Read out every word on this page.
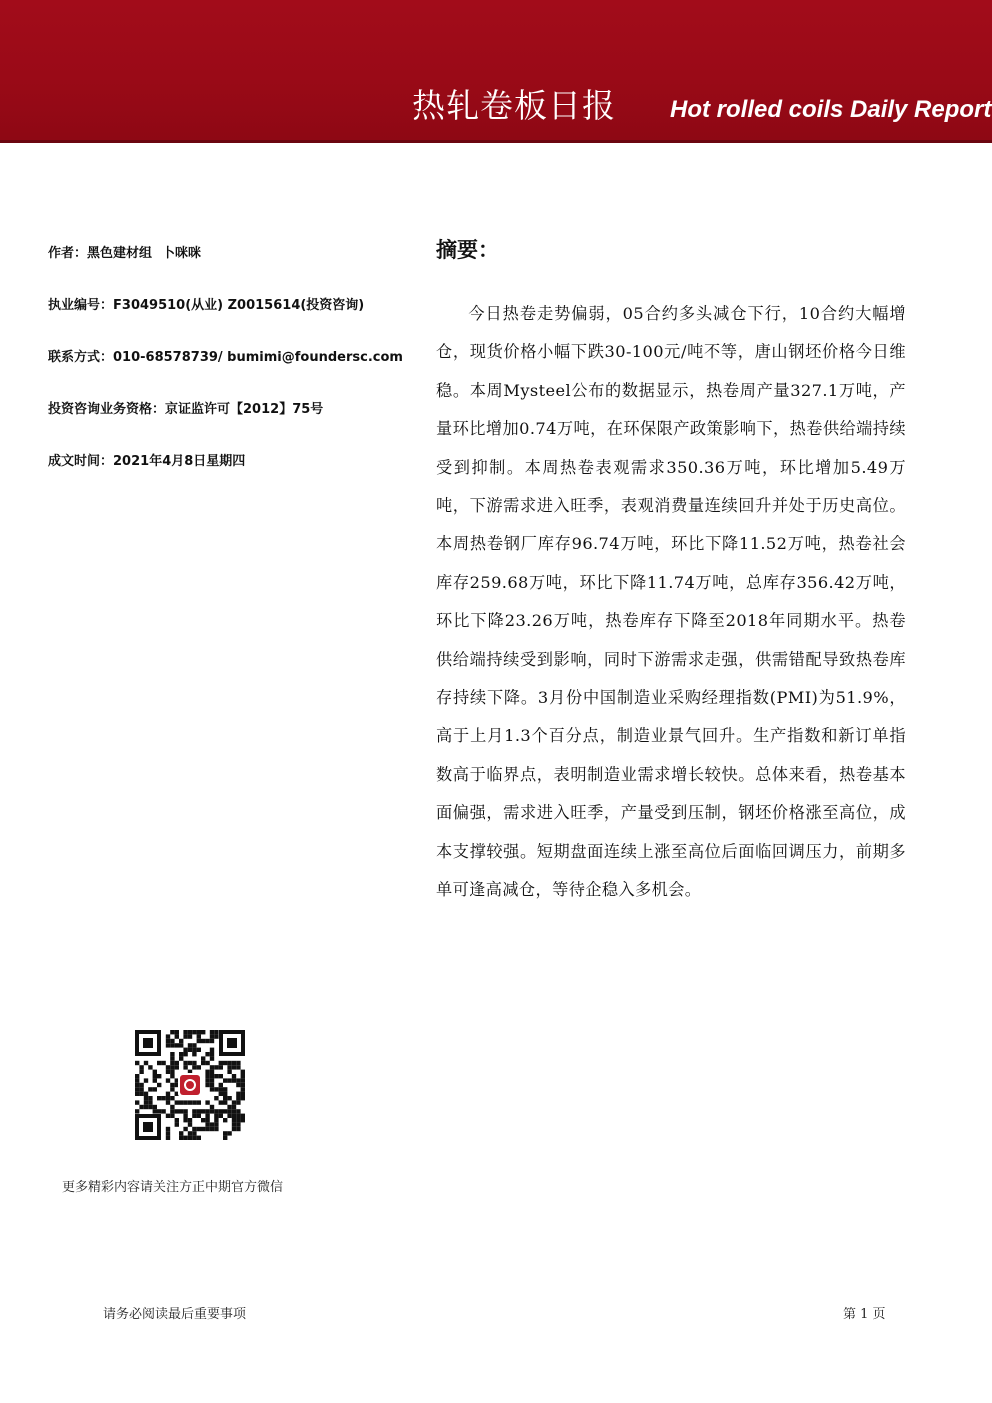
热轧卷板日报 Hot rolled coils Daily Report
作者：黑色建材组 卜咪咪
执业编号：F3049510(从业) Z0015614(投资咨询)
联系方式：010-68578739/ bumimi@foundersc.com
投资咨询业务资格：京证监许可【2012】75号
成文时间：2021年4月8日星期四
摘要：

今日热卷走势偏弱，05合约多头减仓下行，10合约大幅增仓，现货价格小幅下跌30-100元/吨不等，唐山钢坯价格今日维稳。本周Mysteel公布的数据显示，热卷周产量327.1万吨，产量环比增加0.74万吨，在环保限产政策影响下，热卷供给端持续受到抑制。本周热卷表观需求350.36万吨，环比增加5.49万吨，下游需求进入旺季，表观消费量连续回升并处于历史高位。本周热卷钢厂库存96.74万吨，环比下降11.52万吨，热卷社会库存259.68万吨，环比下降11.74万吨，总库存356.42万吨，环比下降23.26万吨，热卷库存下降至2018年同期水平。热卷供给端持续受到影响，同时下游需求走强，供需错配导致热卷库存持续下降。3月份中国制造业采购经理指数(PMI)为51.9%，高于上月1.3个百分点，制造业景气回升。生产指数和新订单指数高于临界点，表明制造业需求增长较快。总体来看，热卷基本面偏强，需求进入旺季，产量受到压制，钢坯价格涨至高位，成本支撑较强。短期盘面连续上涨至高位后面临回调压力，前期多单可逢高减仓，等待企稳入多机会。

更多精彩内容请关注方正中期官方微信
请务必阅读最后重要事项	第 1 页
